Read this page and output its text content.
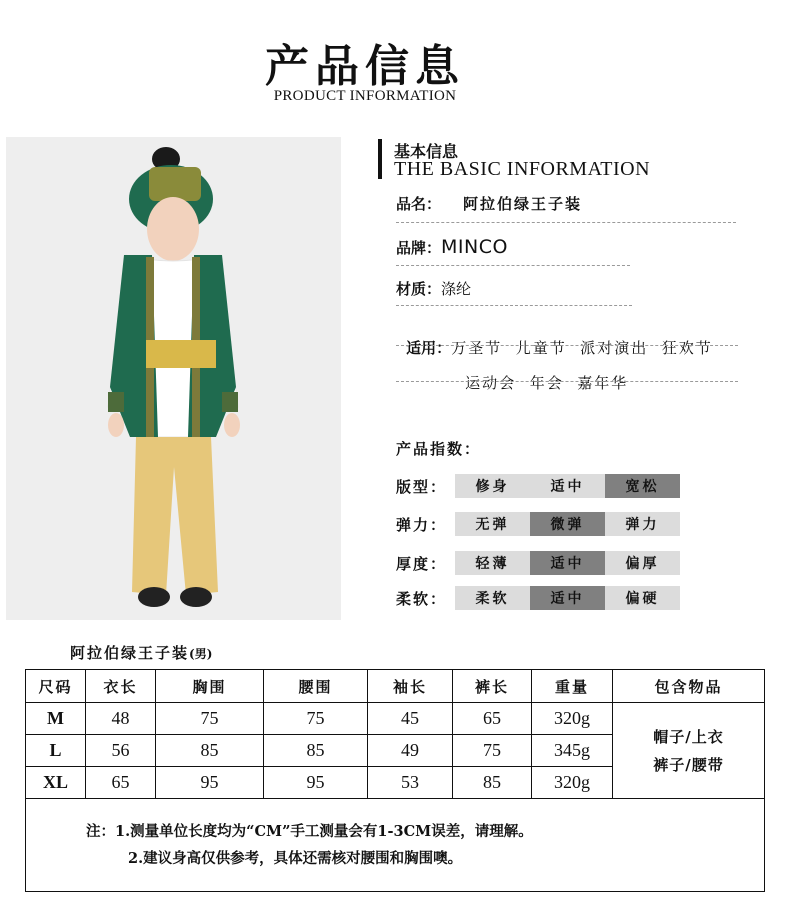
产品信息
PRODUCT INFORMATION
基本信息
THE BASIC INFORMATION
品名： 阿拉伯绿王子装
品牌：MINCO
材质：涤纶

适用：万圣节  儿童节  派对演出  狂欢节

运动会  年会  嘉年华

产品指数：
版型：	修身	适中	宽松
弹力：	无弹	微弹	弹力
厚度：	轻薄	适中	偏厚
柔软：	柔软	适中	偏硬
阿拉伯绿王子装(男)
尺码	衣长	胸围	腰围	袖长	裤长	重量	包含物品
M	48	75	75	45	65	320g	帽子/上衣
裤子/腰带

L	56	85	85	49	75	345g	
XL	65	95	95	53	85	320g	

注：1.测量单位长度均为“CM”手工测量会有1-3CM误差，请理解。
2.建议身高仅供参考，具体还需核对腰围和胸围噢。							
